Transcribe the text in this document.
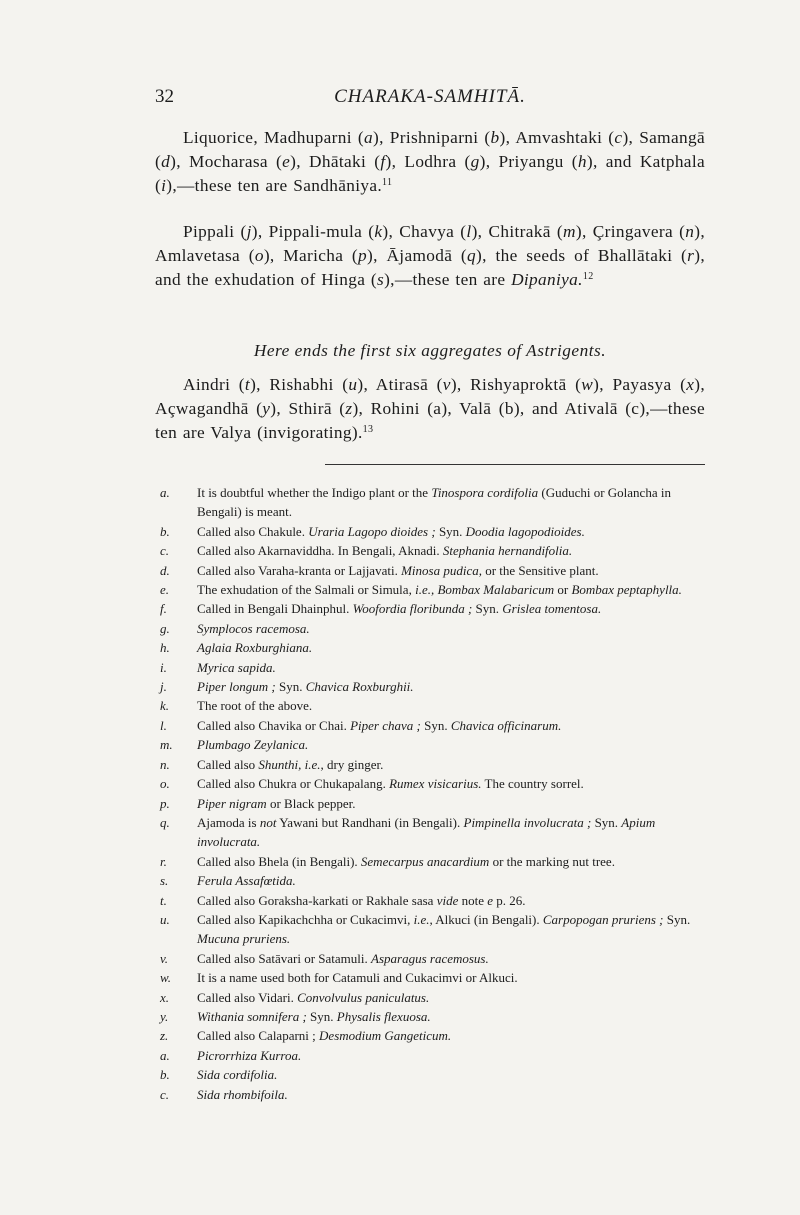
32	CHARAKA-SAMHITĀ.

Liquorice, Madhuparni (a), Prishniparni (b), Amvashtaki (c), Samangā (d), Mocharasa (e), Dhātaki (f), Lodhra (g), Priyangu (h), and Katphala (i),—these ten are Sandhāniya.$^{11}$

Pippali (j), Pippali-mula (k), Chavya (l), Chitrakā (m), Çringavera (n), Amlavetasa (o), Maricha (p), Ājamodā (q), the seeds of Bhallātaki (r), and the exhudation of Hinga (s),—these ten are Dipaniya.$^{12}$

Here ends the first six aggregates of Astrigents.

Aindri (t), Rishabhi (u), Atirasā (v), Rishyaproktā (w), Payasya (x), Açwagandhā (y), Sthirā (z), Rohini (a), Valā (b), and Ativalā (c),—these ten are Valya (invigorating).$^{13}$

a.	It is doubtful whether the Indigo plant or the Tinospora cordifolia (Guduchi or Golancha in Bengali) is meant.
b.	Called also Chakule. Uraria Lagopo dioides ; Syn. Doodia lagopodioides.
c.	Called also Akarnaviddha. In Bengali, Aknadi. Stephania hernandifolia.
d.	Called also Varaha-kranta or Lajjavati. Minosa pudica, or the Sensitive plant.
e.	The exhudation of the Salmali or Simula, i.e., Bombax Malabaricum or Bombax peptaphylla.
f.	Called in Bengali Dhainphul. Woofordia floribunda ; Syn. Grislea tomentosa.
g.	Symplocos racemosa.
h.	Aglaia Roxburghiana.
i.	Myrica sapida.
j.	Piper longum ; Syn. Chavica Roxburghii.
k.	The root of the above.
l.	Called also Chavika or Chai. Piper chava ; Syn. Chavica officinarum.
m.	Plumbago Zeylanica.
n.	Called also Shunthi, i.e., dry ginger.
o.	Called also Chukra or Chukapalang. Rumex visicarius. The country sorrel.
p.	Piper nigram or Black pepper.
q.	Ajamoda is not Yawani but Randhani (in Bengali). Pimpinella involucrata ; Syn. Apium involucrata.
r.	Called also Bhela (in Bengali). Semecarpus anacardium or the marking nut tree.
s.	Ferula Assafœtida.
t.	Called also Goraksha-karkati or Rakhale sasa vide note e p. 26.
u.	Called also Kapikachchha or Cukacimvi, i.e., Alkuci (in Bengali). Carpopogan pruriens ; Syn. Mucuna pruriens.
v.	Called also Satāvari or Satamuli. Asparagus racemosus.
w.	It is a name used both for Catamuli and Cukacimvi or Alkuci.
x.	Called also Vidari. Convolvulus paniculatus.
y.	Withania somnifera ; Syn. Physalis flexuosa.
z.	Called also Calaparni ; Desmodium Gangeticum.
a.	Picrorrhiza Kurroa.
b.	Sida cordifolia.
c.	Sida rhombifoila.
